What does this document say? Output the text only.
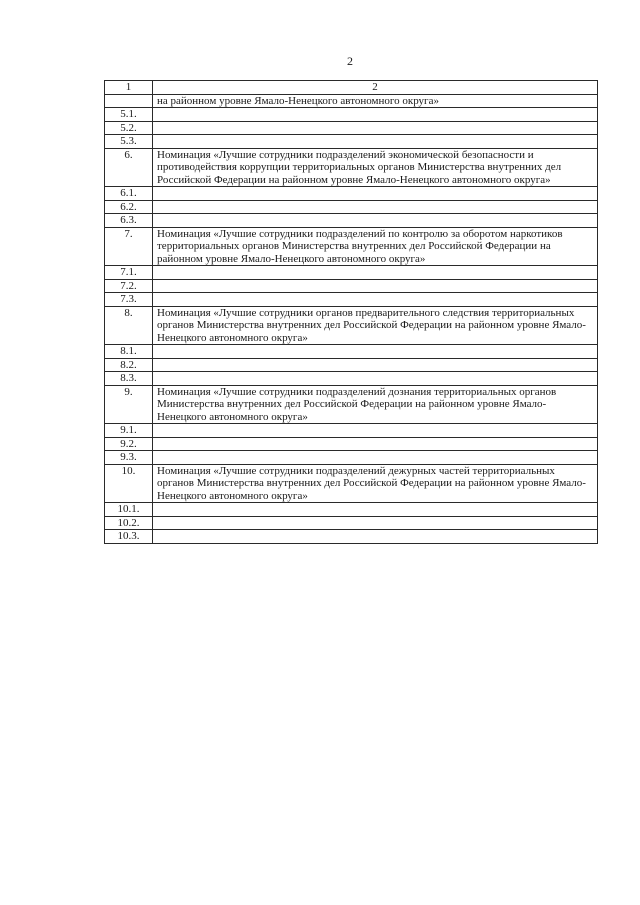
2
1	2
	на районном уровне Ямало-Ненецкого автономного округа»
5.1.	
5.2.	
5.3.	
6.	Номинация «Лучшие сотрудники подразделений экономической безопасности и противодействия коррупции территориальных органов Министерства внутренних дел Российской Федерации на районном уровне Ямало-Ненецкого автономного округа»
6.1.	
6.2.	
6.3.	
7.	Номинация «Лучшие сотрудники подразделений по контролю за оборотом наркотиков территориальных органов Министерства внутренних дел Российской Федерации на районном уровне Ямало-Ненецкого автономного округа»
7.1.	
7.2.	
7.3.	
8.	Номинация «Лучшие сотрудники органов предварительного следствия территориальных органов Министерства внутренних дел Российской Федерации на районном уровне Ямало-Ненецкого автономного округа»
8.1.	
8.2.	
8.3.	
9.	Номинация «Лучшие сотрудники подразделений дознания территориальных органов Министерства внутренних дел Российской Федерации на районном уровне Ямало-Ненецкого автономного округа»
9.1.	
9.2.	
9.3.	
10.	Номинация «Лучшие сотрудники подразделений дежурных частей территориальных органов Министерства внутренних дел Российской Федерации на районном уровне Ямало-Ненецкого автономного округа»
10.1.	
10.2.	
10.3.	
